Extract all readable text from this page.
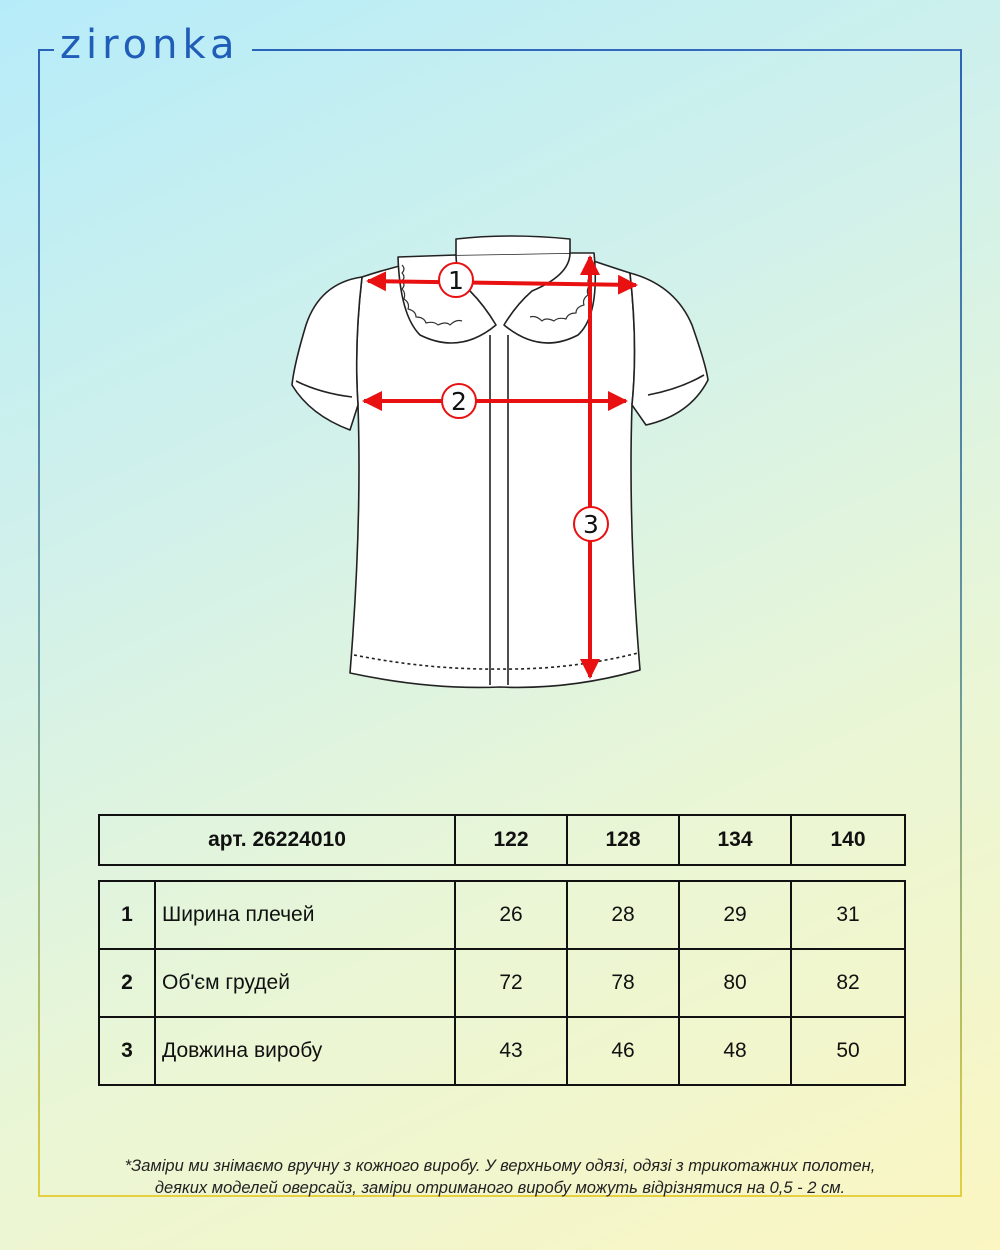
zironka
1
2
3
арт. 26224010	122	128	134	140
1	Ширина плечей	26	28	29	31
2	Об'єм грудей	72	78	80	82
3	Довжина виробу	43	46	48	50
*Заміри ми знімаємо вручну з кожного виробу. У верхньому одязі, одязі з трикотажних полотен,
деяких моделей оверсайз, заміри отриманого виробу можуть відрізнятися на 0,5 - 2 см.
